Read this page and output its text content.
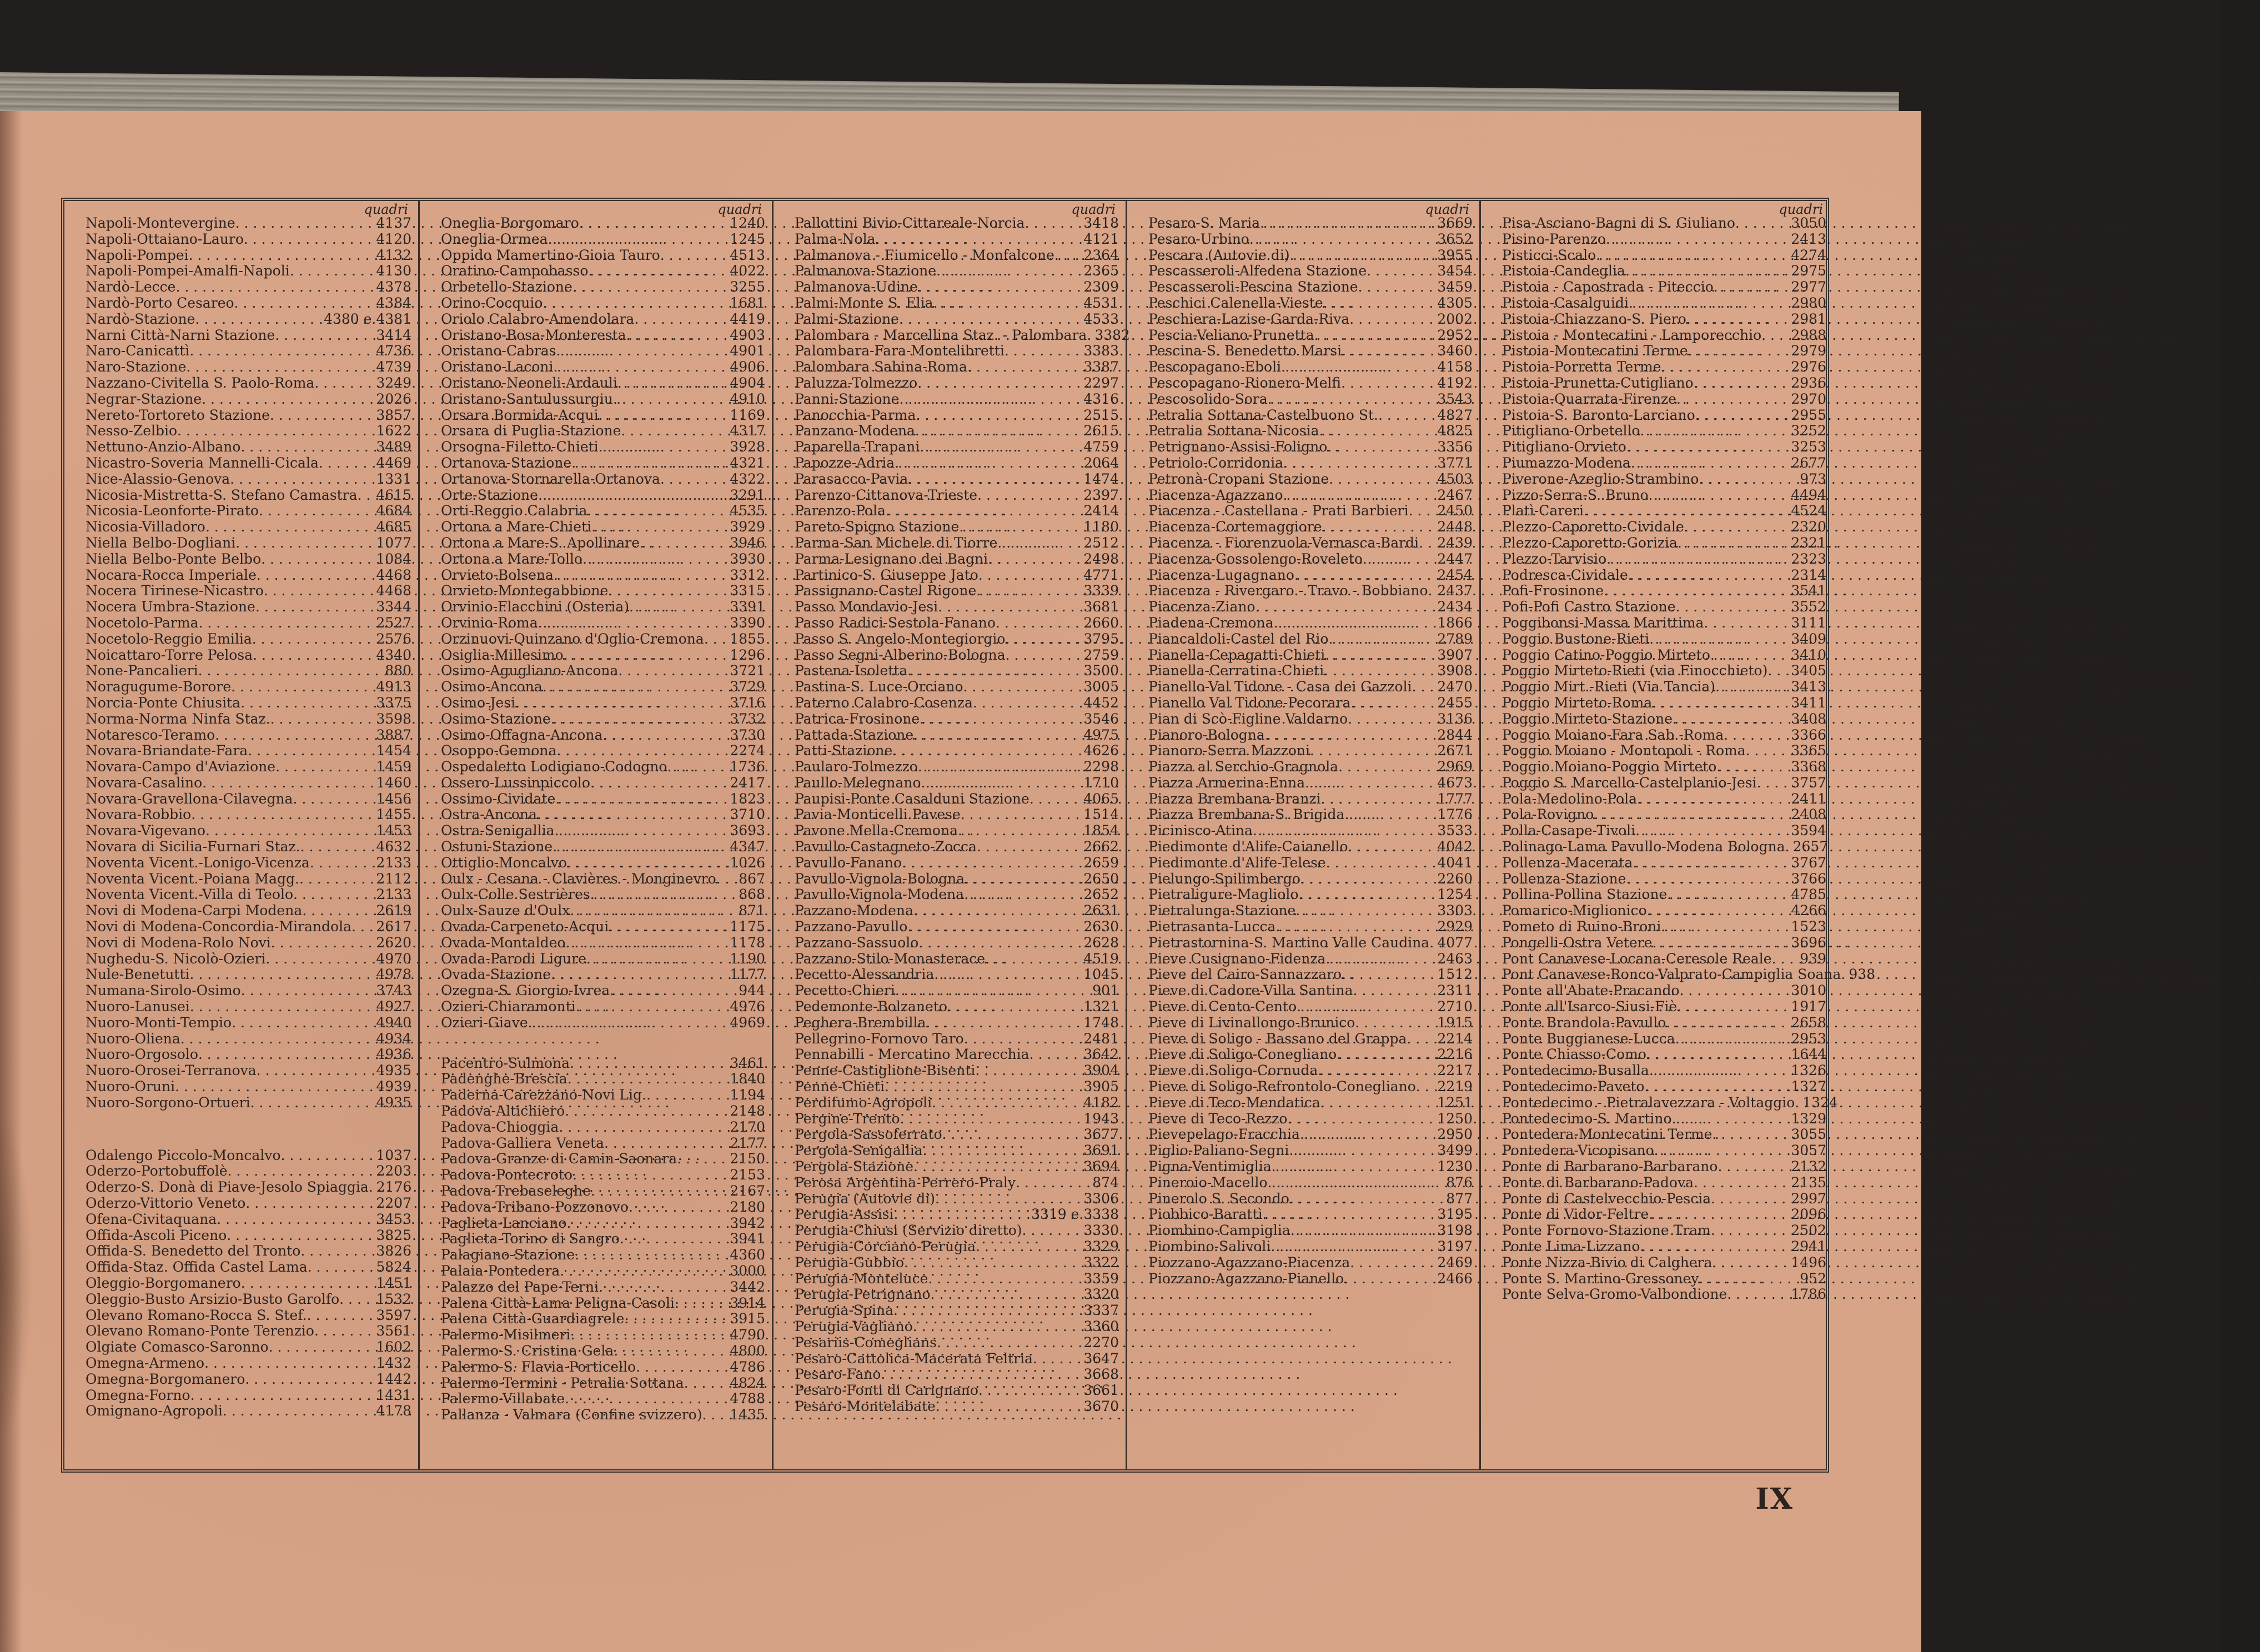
quadri
Napoli-Montevergine . . .	4137
Napoli-Ottaiano-Lauro . . .	4120
Napoli-Pompei . . .	4132
Napoli-Pompei-Amalfi-Napoli . . .	4130
Nardò-Lecce . . .	4378
Nardò-Porto Cesareo . . .	4384
Nardò-Stazione . . .	4380 e 4381
Narni Città-Narni Stazione . . .	3414
Naro-Canicattì . . .	4736
Naro-Stazione . . .	4739
Nazzano-Civitella S. Paolo-Roma . . .	3249
Negrar-Stazione . . .	2026
Nereto-Tortoreto Stazione . . .	3857
Nesso-Zelbio . . .	1622
Nettuno-Anzio-Albano . . .	3489
Nicastro-Soveria Mannelli-Cicala . . .	4469
Nice-Alassio-Genova . . .	1331
Nicosia-Mistretta-S. Stefano Camastra . . . 4615
Nicosia-Leonforte-Pirato . . .	4684
Nicosia-Villadoro . . .	4685
Niella Belbo-Dogliani . . .	1077
Niella Belbo-Ponte Belbo . . .	1084
Nocara-Rocca Imperiale . . .	4468
Nocera Tirinese-Nicastro . . .	4468
Nocera Umbra-Stazione . . .	3344
Nocetolo-Parma . . .	2527
Nocetolo-Reggio Emilia . . .	2576
Noicattaro-Torre Pelosa . . .	4340
None-Pancalieri . . .	880
Noragugume-Borore . . .	4913
Norcia-Ponte Chiusita . . .	3375
Norma-Norma Ninfa Staz. . . .	3598
Notaresco-Teramo . . .	3887
Novara-Briandate-Fara . . .	1454
Novara-Campo d'Aviazione . . .	1459
Novara-Casalino . . .	1460
Novara-Gravellona-Cilavegna . . .	1456
Novara-Robbio . . .	1455
Novara-Vigevano . . .	1453
Novara di Sicilia-Furnari Staz. . . .	4632
Noventa Vicent.-Lonigo-Vicenza . . .	2133
Noventa Vicent.-Poiana Magg. . . .	2112
Noventa Vicent.-Villa di Teolo . . .	2133
Novi di Modena-Carpi Modena . . .	2619
Novi di Modena-Concordia-Mirandola . . . 2617
Novi di Modena-Rolo Novi . . .	2620
Nughedu-S. Nicolò-Ozieri . . .	4970
Nule-Benetutti . . .	4978
Numana-Sirolo-Osimo . . .	3743
Nuoro-Lanusei . . .	4927
Nuoro-Monti-Tempio . . .	4940
Nuoro-Oliena . . .	4934
Nuoro-Orgosolo . . .	4936
Nuoro-Orosei-Terranova . . .	4935
Nuoro-Oruni . . .	4939
Nuoro-Sorgono-Ortueri . . .	4935
Odalengo Piccolo-Moncalvo . . .	1037
Oderzo-Portobuffolè . . .	2203
Oderzo-S. Donà di Piave-Jesolo Spiaggia . . . 2176
Oderzo-Vittorio Veneto . . .	2207
Ofena-Civitaquana . . .	3453
Offida-Ascoli Piceno . . .	3825
Offida-S. Benedetto del Tronto . . .	3826
Offida-Staz. Offida Castel Lama . . .	5824
Oleggio-Borgomanero . . .	1451
Oleggio-Busto Arsizio-Busto Garolfo . . .	1532
Olevano Romano-Rocca S. Stef. . . .	3597
Olevano Romano-Ponte Terenzio . . .	3561
Olgiate Comasco-Saronno . . .	1602
Omegna-Armeno . . .	1432
Omegna-Borgomanero . . .	1442
Omegna-Forno . . .	1431
Omignano-Agropoli . . .	4178
quadri
Oneglia-Borgomaro . . .	1240
Oneglia-Ormea . . .	1245
Oppido Mamertino-Gioia Tauro . . .	4513
Oratino-Campobasso . . .	4022
Orbetello-Stazione . . .	3255
Orino-Cocquio . . .	1681
Oriolo Calabro-Amendolara . . .	4419
Oristano-Bosa-Monteresta . . .	4903
Oristano-Cabras . . .	4901
Oristano-Laconi . . .	4906
Oristano-Neoneli-Ardauli . . .	4904
Oristano-Santulussurgiu . . .	4910
Orsara Bormida-Acqui . . .	1169
Orsara di Puglia-Stazione . . .	4317
Orsogna-Filetto-Chieti . . .	3928
Ortanova-Stazione . . .	4321
Ortanova-Stornarella-Ortanova . . .	4322
Orte-Stazione . . .	3291
Orti-Reggio Calabria . . .	4535
Ortona a Mare-Chieti . . .	3929
Ortona a Mare-S. Apollinare . . .	3946
Ortona a Mare-Tollo . . .	3930
Orvieto-Bolsena . . .	3312
Orvieto-Montegabbione . . .	3315
Orvinio-Flacchini (Osteria) . . .	3391
Orvinio-Roma . . .	3390
Orzinuovi-Quinzano d'Oglio-Cremona . . . 1855
Osiglia-Millesimo . . .	1296
Osimo-Agugliano-Ancona . . .	3721
Osimo-Ancona . . .	3729
Osimo-Jesi . . .	3716
Osimo-Stazione . . .	3732
Osimo-Offagna-Ancona . . .	3730
Osoppo-Gemona . . .	2274
Ospedaletto Lodigiano-Codogno . . .	1736
Ossero-Lussinpiccolo . . .	2417
Ossimo-Cividate . . .	1823
Ostra-Ancona . . .	3710
Ostra-Senigallia . . .	3693
Ostuni-Stazione . . .	4347
Ottiglio-Moncalvo . . .	1026
Oulx - Cesana - Clavières - Monginevro . . . 867
Oulx-Colle Sestrières . . .	868
Oulx-Sauze d'Oulx . . .	871
Ovada-Carpeneto-Acqui . . .	1175
Ovada-Montaldeo . . .	1178
Ovada-Parodi Ligure . . .	1190
Ovada-Stazione . . .	1177
Ozegna-S. Giorgio-Ivrea . . .	944
Ozieri-Chiaramonti . . .	4976
Ozieri-Giave . . .	4969
Pacentro-Sulmona . . .	3461
Padenghe-Brescia . . .	1840
Paderna-Carezzano-Novi Lig. . . .	1194
Padova-Altichiero . . .	2148
Padova-Chioggia . . .	2170
Padova-Galliera Veneta . . .	2177
Padova-Granze di Camin-Saonara . . .	2150
Padova-Pontecroto . . .	2153
Padova-Trebaseleghe . . .	2167
Padova-Tribano-Pozzonovo . . .	2180
Paglieta-Lanciano . . .	3942
Paglieta-Torino di Sangro . . .	3941
Palagiano-Stazione . . .	4360
Palaia-Pontedera . . .	3000
Palazzo del Pape-Terni . . .	3442
Palena Città-Lama Peligna-Casoli . . .	3914
Palena Città-Guardiagrele . . .	3915
Palermo-Misilmeri . . .	4790
Palermo-S. Cristina Gela . . .	4800
Palermo-S. Flavia-Porticello . . .	4786
Palermo-Termini - Petralia Sottana . . .	4824
Palermo-Villabate . . .	4788
Pallanza - Valmara (Confine svizzero) . . . 1435
quadri
Pallottini Bivio-Cittareale-Norcia . . .	3418
Palma-Nola . . .	4121
Palmanova - Fiumicello - Monfalcone . . . 2364
Palmanova-Stazione . . .	2365
Palmanova-Udine . . .	2309
Palmi-Monte S. Elia . . .	4531
Palmi-Stazione . . .	4533
Palombara - Marcellina Staz. - Palombara . . . 3382
Palombara-Fara-Montelibretti . . .	3383
Palombara Sabina-Roma . . .	3387
Paluzza-Tolmezzo . . .	2297
Panni-Stazione . . .	4316
Panocchia-Parma . . .	2515
Panzano-Modena . . .	2615
Paparella-Trapani . . .	4759
Papozze-Adria . . .	2064
Parasacco-Pavia . . .	1474
Parenzo-Cittanova-Trieste . . .	2397
Parenzo-Pola . . .	2414
Pareto-Spigno Stazione . . .	1180
Parma-San Michele di Tiorre . . .	2512
Parma-Lesignano dei Bagni . . .	2498
Partinico-S. Giuseppe Jato . . .	4771
Passignano-Castel Rigone . . .	3339
Passo Mondavio-Jesi . . .	3681
Passo Radici-Sestola-Fanano . . .	2660
Passo S. Angelo-Montegiorgio . . .	3795
Passo Segni-Alberino-Bologna . . .	2759
Pastena-Isoletta . . .	3500
Pastina-S. Luce-Orciano . . .	3005
Paterno Calabro-Cosenza . . .	4452
Patrica-Frosinone . . .	3546
Pattada-Stazione . . .	4975
Patti-Stazione . . .	4626
Paularo-Tolmezzo . . .	2298
Paullo-Melegnano . . .	1710
Paupisi-Ponte Casalduni Stazione . . .	4065
Pavia-Monticelli Pavese . . .	1514
Pavone Mella-Cremona . . .	1854
Pavullo-Castagneto-Zocca . . .	2662
Pavullo-Fanano . . .	2659
Pavullo-Vignola-Bologna . . .	2650
Pavullo-Vignola-Modena . . .	2652
Pazzano-Modena . . .	2631
Pazzano-Pavullo . . .	2630
Pazzano-Sassuolo . . .	2628
Pazzano-Stilo-Monasterace . . .	4519
Pecetto-Alessandria . . .	1045
Pecetto-Chieri . . .	901
Pedemonte-Bolzaneto . . .	1321
Peghera-Brembilla . . .	1748
Pellegrino-Fornovo Taro . . .	2481
Pennabilli - Mercatino Marecchia . . .	3642
Penne-Castiglione-Bisenti . . .	3904
Penne-Chieti . . .	3905
Perdifumo-Agropoli . . .	4182
Pergine-Trento . . .	1943
Pergola-Sassoferrato . . .	3677
Pergola-Senigallia . . .	3691
Pergola-Stazione . . .	3694
Perosa Argentina-Perrero-Praly . . .	874
Perugia (Autovie di) . . .	3306
Perugia-Assisi . . .	3319 e 3338
Perugia-Chiusi (Servizio diretto) . . .	3330
Perugia-Corciano-Perugia . . .	3329
Perugia-Gubbio . . .	3322
Perugia-Monteluce . . .	3359
Perugia-Petrignano . . .	3320
Perugia-Spina . . .	3337
Perugia-Vagliano . . .	3360
Pesariis-Comeglians . . .	2270
Pesaro-Cattolica-Macerata Feltria . . .	3647
Pesaro-Fano . . .	3668
Pesaro-Fonti di Carignano . . .	3661
Pesaro-Montelabate . . .	3670
quadri
Pesaro-S. Maria . . .	3669
Pesaro-Urbino . . .	3652
Pescara (Autovie di) . . .	3955
Pescasseroli-Alfedena Stazione . . .	3454
Pescasseroli-Pescina Stazione . . .	3459
Peschici Calenella-Vieste . . .	4305
Peschiera-Lazise-Garda-Riva . . .	2002
Pescia-Veliano-Prunetta . . .	2952
Pescina-S. Benedetto Marsi . . .	3460
Pescopagano-Eboli . . .	4158
Pescopagano-Rionero-Melfi . . .	4192
Pescosolido-Sora . . .	3543
Petralia Sottana-Castelbuono St. . . .	4827
Petralia Sottana-Nicosia . . .	4825
Petrignano-Assisi-Foligno . . .	3356
Petriolo-Corridonia . . .	3771
Petronà-Cropani Stazione . . .	4503
Piacenza-Agazzano . . .	2467
Piacenza - Castellana - Prati Barbieri . . . 2450
Piacenza-Cortemaggiore . . .	2448
Piacenza - Fiorenzuola-Vernasca-Bardi . . . 2439
Piacenza-Gossolengo-Roveleto . . .	2447
Piacenza-Lugagnano . . .	2454
Piacenza - Rivergaro - Travo - Bobbiano . . . 2437
Piacenza-Ziano . . .	2434
Piadena-Cremona . . .	1866
Piancaldoli-Castel del Rio . . .	2789
Pianella-Cepagatti-Chieti . . .	3907
Pianella-Cerratina-Chieti . . .	3908
Pianello-Val Tidone - Casa dei Gazzoli . . . 2470
Pianello Val Tidone-Pecorara . . .	2455
Pian di Scò-Figline Valdarno . . .	3136
Pianoro-Bologna . . .	2844
Pianoro-Serra Mazzoni . . .	2671
Piazza al Serchio-Gragnola . . .	2969
Piazza Armerina-Enna . . .	4673
Piazza Brembana-Branzi . . .	1777
Piazza Brembana-S. Brigida . . .	1776
Picinisco-Atina . . .	3533
Piedimonte d'Alife-Caianello . . .	4042
Piedimonte d'Alife-Telese . . .	4041
Pielungo-Spilimbergo . . .	2260
Pietraligure-Magliolo . . .	1254
Pietralunga-Stazione . . .	3303
Pietrasanta-Lucca . . .	2929
Pietrastornina-S. Martino Valle Caudina . . . 4077
Pieve Cusignano-Fidenza . . .	2463
Pieve del Cairo-Sannazzaro . . .	1512
Pieve di Cadore-Villa Santina . . .	2311
Pieve di Cento-Cento . . .	2710
Pieve di Livinallongo-Brunico . . .	1915
Pieve di Soligo - Bassano del Grappa . . . 2214
Pieve di Soligo-Conegliano . . .	2216
Pieve di Soligo-Cornuda . . .	2217
Pieve di Soligo-Refrontolo-Conegliano . . . 2219
Pieve di Teco-Mendatica . . .	1251
Pieve di Teco-Rezzo . . .	1250
Pievepelago-Fracchia . . .	2950
Piglio-Paliano-Segni . . .	3499
Pigna-Ventimiglia . . .	1230
Pineroio-Macello . . .	876
Pinerolo S. Secondo . . .	877
Piobbico-Barattì . . .	3195
Piombino-Campiglia . . .	3198
Piombino-Salivoli . . .	3197
Piozzano-Agazzano-Piacenza . . .	2469
Piozzano-Agazzano-Pianello . . .	2466
quadri
Pisa-Asciano-Bagni di S. Giuliano . . .	3050
Pisino-Parenzo . . .	2413
Pisticci-Scalo . . .	4274
Pistoia-Candeglia . . .	2975
Pistoia - Capostrada - Piteccio . . .	2977
Pistoia-Casalguidi . . .	2980
Pistoia-Chiazzano-S. Piero . . .	2981
Pistoia - Montecatini - Lamporecchio . . . 2988
Pistoia-Montecatini Terme . . .	2979
Pistoia-Porretta Terme . . .	2976
Pistoia-Prunetta-Cutigliano . . .	2936
Pistoia-Quarrata-Firenze . . .	2970
Pistoia-S. Baronto-Larciano . . .	2955
Pitigliano-Orbetello . . .	3252
Pitigliano-Orvieto . . .	3253
Piumazzo-Modena . . .	2677
Piverone-Azeglio-Strambino . . .	973
Pizzo-Serra-S. Bruno . . .	4494
Platì-Careri . . .	4524
Plezzo-Caporetto-Cividale . . .	2320
Plezzo-Caporetto-Gorizia . . .	2321
Plezzo-Tarvisio . . .	2323
Podresca-Cividale . . .	2314
Pofi-Frosinone . . .	3541
Pofi-Pofi Castro Stazione . . .	3552
Poggibonsi-Massa Marittima . . .	3111
Poggio Bustone-Rieti . . .	3409
Poggio Catino-Poggio Mirteto . . .	3410
Poggio Mirteto-Rieti (via Finocchieto) . . . 3405
Poggio Mirt.-Rieti (Via Tancia) . . .	3413
Poggio Mirteto-Roma . . .	3411
Poggio Mirteto-Stazione . . .	3408
Poggio Moiano-Fara Sab.-Roma . . .	3366
Poggio Moiano - Montopoli - Roma . . .	3365
Poggio Moiano-Poggio Mirteto . . .	3368
Poggio S. Marcello-Castelplanio-Jesi . . . 3757
Pola-Medolino-Pola . . .	2411
Pola-Rovigno . . .	2408
Polla-Casape-Tivoli . . .	3594
Polinago-Lama Pavullo-Modena Bologna . . . 2657
Pollenza-Macerata . . .	3767
Pollenza-Stazione . . .	3766
Pollina-Pollina Stazione . . .	4785
Pomarico-Miglionico . . .	4266
Pometo di Ruino-Broni . . .	1523
Pongelli-Ostra Vetere . . .	3696
Pont Canavese-Locana-Ceresole Reale . . . 939
Pont Canavese-Ronco-Valprato-Campiglia Soana . . . 938
Ponte all'Abate-Pracando . . .	3010
Ponte all'Isarco-Siusi-Fiè . . .	1917
Ponte Brandola-Pavullo . . .	2658
Ponte Buggianese-Lucca . . .	2953
Ponte Chiasso-Como . . .	1644
Pontedecimo-Busalla . . .	1326
Pontedecimo-Paveto . . .	1327
Pontedecimo - Pietralavezzara - Voltaggio . . . 1324
Pontedecimo-S. Martino . . .	1329
Pontedera-Montecatini Terme . . .	3055
Pontedera-Vicopisano . . .	3057
Ponte di Barbarano-Barbarano . . .	2132
Ponte di Barbarano-Padova . . .	2135
Ponte di Castelvecchio-Pescia . . .	2997
Ponte di Vidor-Feltre . . .	2096
Ponte Fornovo-Stazione Tram . . .	2502
Ponte Lima-Lizzano . . .	2941
Ponte Nizza-Bivio di Calghera . . .	1496
Ponte S. Martino-Gressoney . . .	952
Ponte Selva-Gromo-Valbondione . . .	1786
IX
